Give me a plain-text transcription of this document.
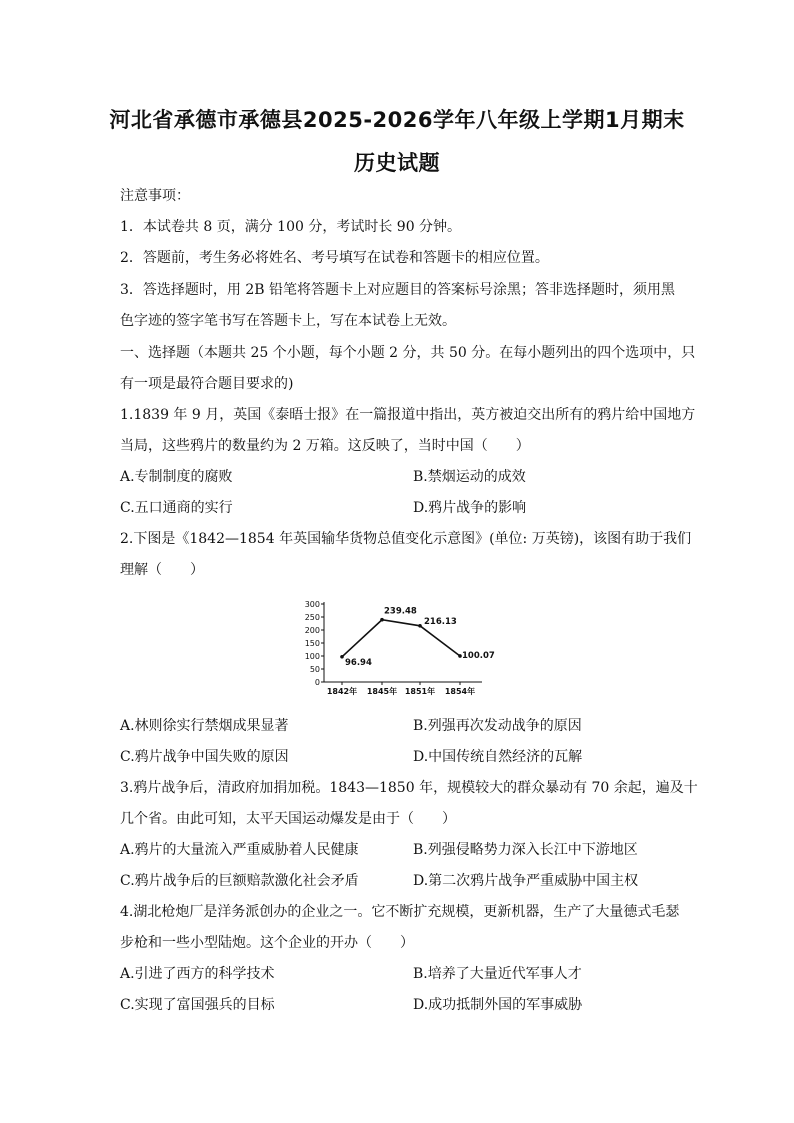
河北省承德市承德县2025-2026学年八年级上学期1月期末
历史试题
注意事项：
1．本试卷共 8 页，满分 100 分，考试时长 90 分钟。
2．答题前，考生务必将姓名、考号填写在试卷和答题卡的相应位置。
3．答选择题时，用 2B 铅笔将答题卡上对应题目的答案标号涂黑；答非选择题时，须用黑
色字迹的签字笔书写在答题卡上，写在本试卷上无效。
一、选择题（本题共 25 个小题，每个小题 2 分，共 50 分。在每小题列出的四个选项中，只
有一项是最符合题目要求的)
1.1839 年 9 月，英国《泰晤士报》在一篇报道中指出，英方被迫交出所有的鸦片给中国地方
当局，这些鸦片的数量约为 2 万箱。这反映了，当时中国（　　）
A.专制制度的腐败	B.禁烟运动的成效
C.五口通商的实行	D.鸦片战争的影响
2.下图是《1842—1854 年英国输华货物总值变化示意图》(单位: 万英镑)，该图有助于我们
理解（　　）
300
250
200
150
100
50
0
1842年 1845年 1851年 1854年
96.94
239.48
216.13
100.07
A.林则徐实行禁烟成果显著	B.列强再次发动战争的原因
C.鸦片战争中国失败的原因	D.中国传统自然经济的瓦解
3.鸦片战争后，清政府加捐加税。1843—1850 年，规模较大的群众暴动有 70 余起，遍及十
几个省。由此可知，太平天国运动爆发是由于（　　）
A.鸦片的大量流入严重威胁着人民健康	B.列强侵略势力深入长江中下游地区
C.鸦片战争后的巨额赔款激化社会矛盾	D.第二次鸦片战争严重威胁中国主权
4.湖北枪炮厂是洋务派创办的企业之一。它不断扩充规模，更新机器，生产了大量德式毛瑟
步枪和一些小型陆炮。这个企业的开办（　　）
A.引进了西方的科学技术	B.培养了大量近代军事人才
C.实现了富国强兵的目标	D.成功抵制外国的军事威胁
